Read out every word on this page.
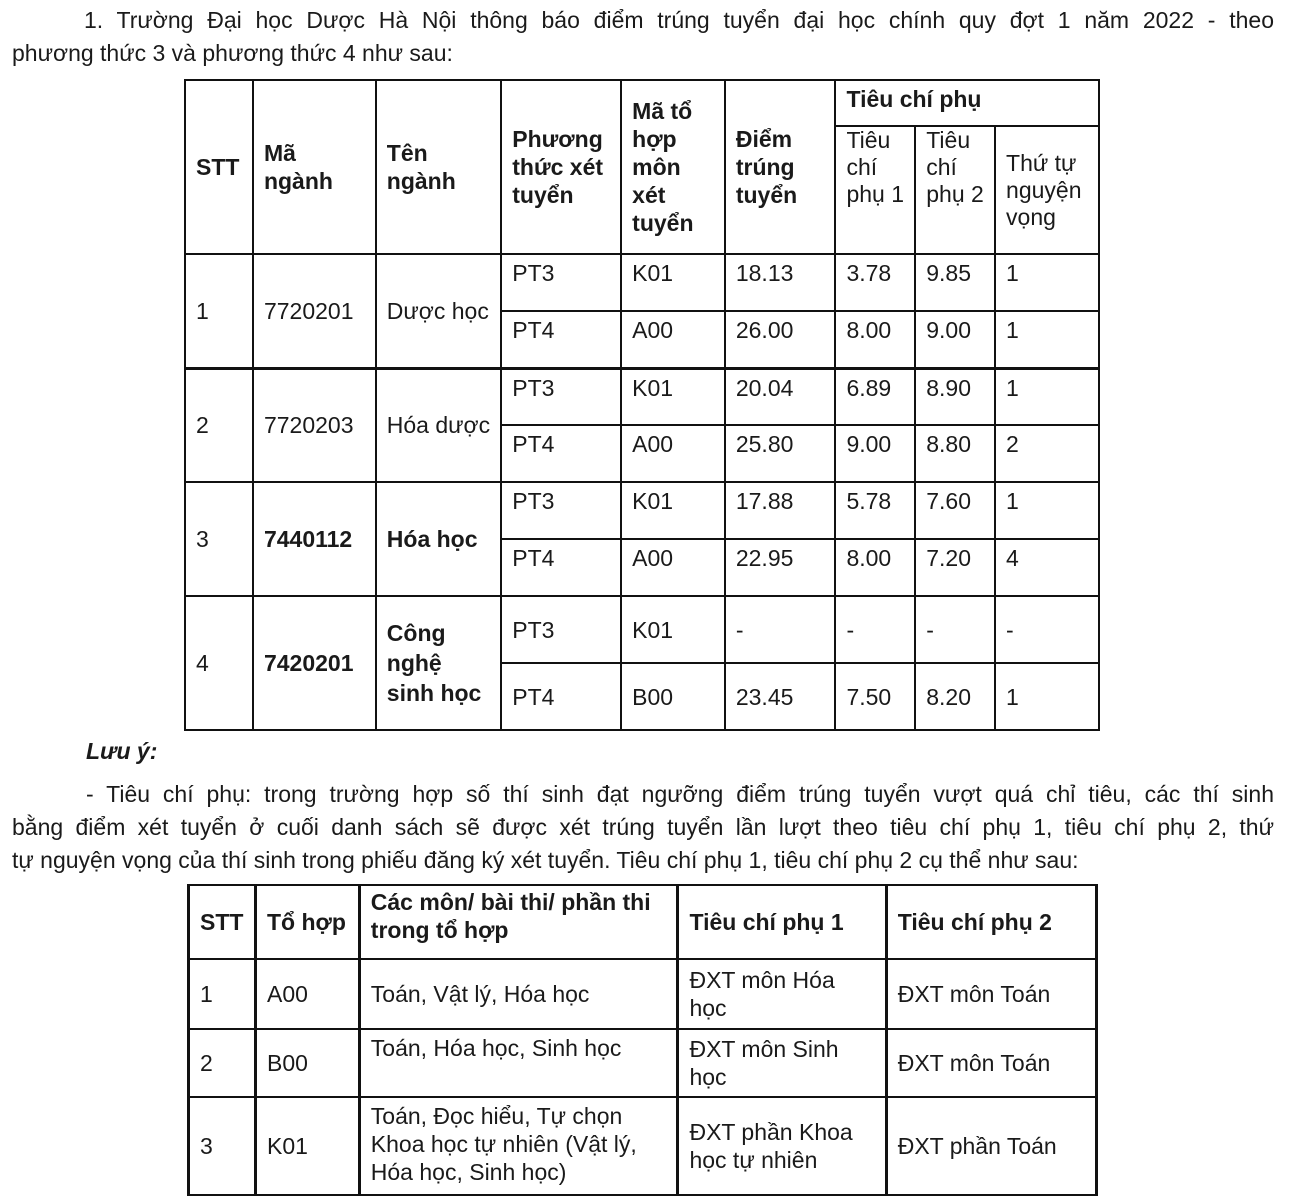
1. Trường Đại học Dược Hà Nội thông báo điểm trúng tuyển đại học chính quy đợt 1 năm 2022 - theo
phương thức 3 và phương thức 4 như sau:
STT	Mã ngành	Tên ngành	Phương thức xét tuyển	Mã tổ hợp môn xét tuyển	Điểm trúng tuyển	Tiêu chí phụ		
						Tiêu chí phụ 1	Tiêu chí phụ 2	Thứ tự nguyện vọng
1	7720201	Dược học	PT3	K01	18.13	3.78	9.85	1
			PT4	A00	26.00	8.00	9.00	1
2	7720203	Hóa dược	PT3	K01	20.04	6.89	8.90	1
			PT4	A00	25.80	9.00	8.80	2
3	7440112	Hóa học	PT3	K01	17.88	5.78	7.60	1
			PT4	A00	22.95	8.00	7.20	4
4	7420201	Công nghệ sinh học	PT3	K01	-	-	-	-
			PT4	B00	23.45	7.50	8.20	1
Lưu ý:
- Tiêu chí phụ: trong trường hợp số thí sinh đạt ngưỡng điểm trúng tuyển vượt quá chỉ tiêu, các thí sinh
bằng điểm xét tuyển ở cuối danh sách sẽ được xét trúng tuyển lần lượt theo tiêu chí phụ 1, tiêu chí phụ 2, thứ
tự nguyện vọng của thí sinh trong phiếu đăng ký xét tuyển. Tiêu chí phụ 1, tiêu chí phụ 2 cụ thể như sau:
STT	Tổ hợp	Các môn/ bài thi/ phần thi trong tổ hợp	Tiêu chí phụ 1	Tiêu chí phụ 2
1	A00	Toán, Vật lý, Hóa học	ĐXT môn Hóa học	ĐXT môn Toán
2	B00	Toán, Hóa học, Sinh học	ĐXT môn Sinh học	ĐXT môn Toán
3	K01	Toán, Đọc hiểu, Tự chọn Khoa học tự nhiên (Vật lý, Hóa học, Sinh học)	ĐXT phần Khoa học tự nhiên	ĐXT phần Toán
